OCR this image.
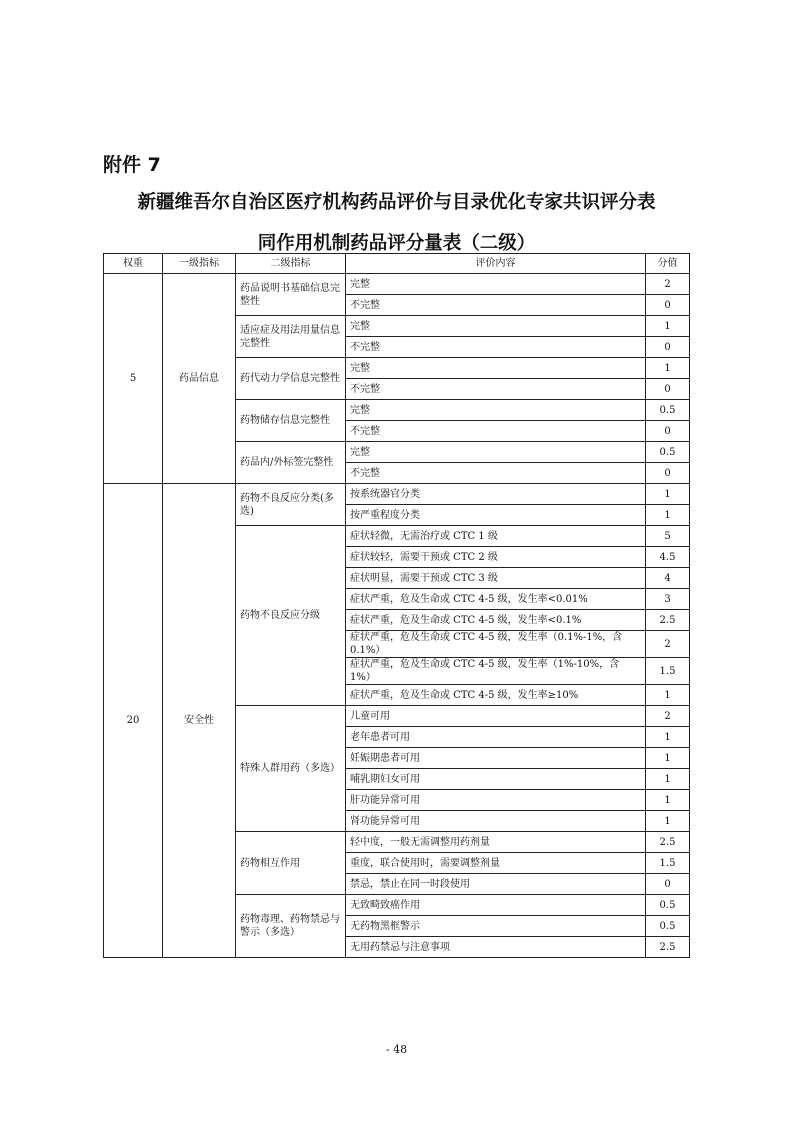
附件 7
新疆维吾尔自治区医疗机构药品评价与目录优化专家共识评分表
同作用机制药品评分量表（二级）
权重	一级指标	二级指标	评价内容	分值
5	药品信息	药品说明书基础信息完整性	完整	2
			不完整	0
		适应症及用法用量信息完整性	完整	1
			不完整	0
		药代动力学信息完整性	完整	1
			不完整	0
		药物储存信息完整性	完整	0.5
			不完整	0
		药品内/外标签完整性	完整	0.5
			不完整	0
20	安全性	药物不良反应分类(多选)	按系统器官分类	1
			按严重程度分类	1
		药物不良反应分级	症状轻微，无需治疗或 CTC 1 级	5
			症状较轻，需要干预或 CTC 2 级	4.5
			症状明显，需要干预或 CTC 3 级	4
			症状严重，危及生命或 CTC 4-5 级，发生率<0.01%	3
			症状严重，危及生命或 CTC 4-5 级，发生率<0.1%	2.5
			症状严重，危及生命或 CTC 4-5 级，发生率（0.1%-1%，含 0.1%）	2
			症状严重，危及生命或 CTC 4-5 级，发生率（1%-10%，含 1%）	1.5
			症状严重，危及生命或 CTC 4-5 级，发生率≥10%	1
		特殊人群用药（多选）	儿童可用	2
			老年患者可用	1
			妊娠期患者可用	1
			哺乳期妇女可用	1
			肝功能异常可用	1
			肾功能异常可用	1
		药物相互作用	轻中度，一般无需调整用药剂量	2.5
			重度，联合使用时，需要调整剂量	1.5
			禁忌，禁止在同一时段使用	0
		药物毒理、药物禁忌与警示（多选）	无致畸致癌作用	0.5
			无药物黑框警示	0.5
			无用药禁忌与注意事项	2.5
- 48
